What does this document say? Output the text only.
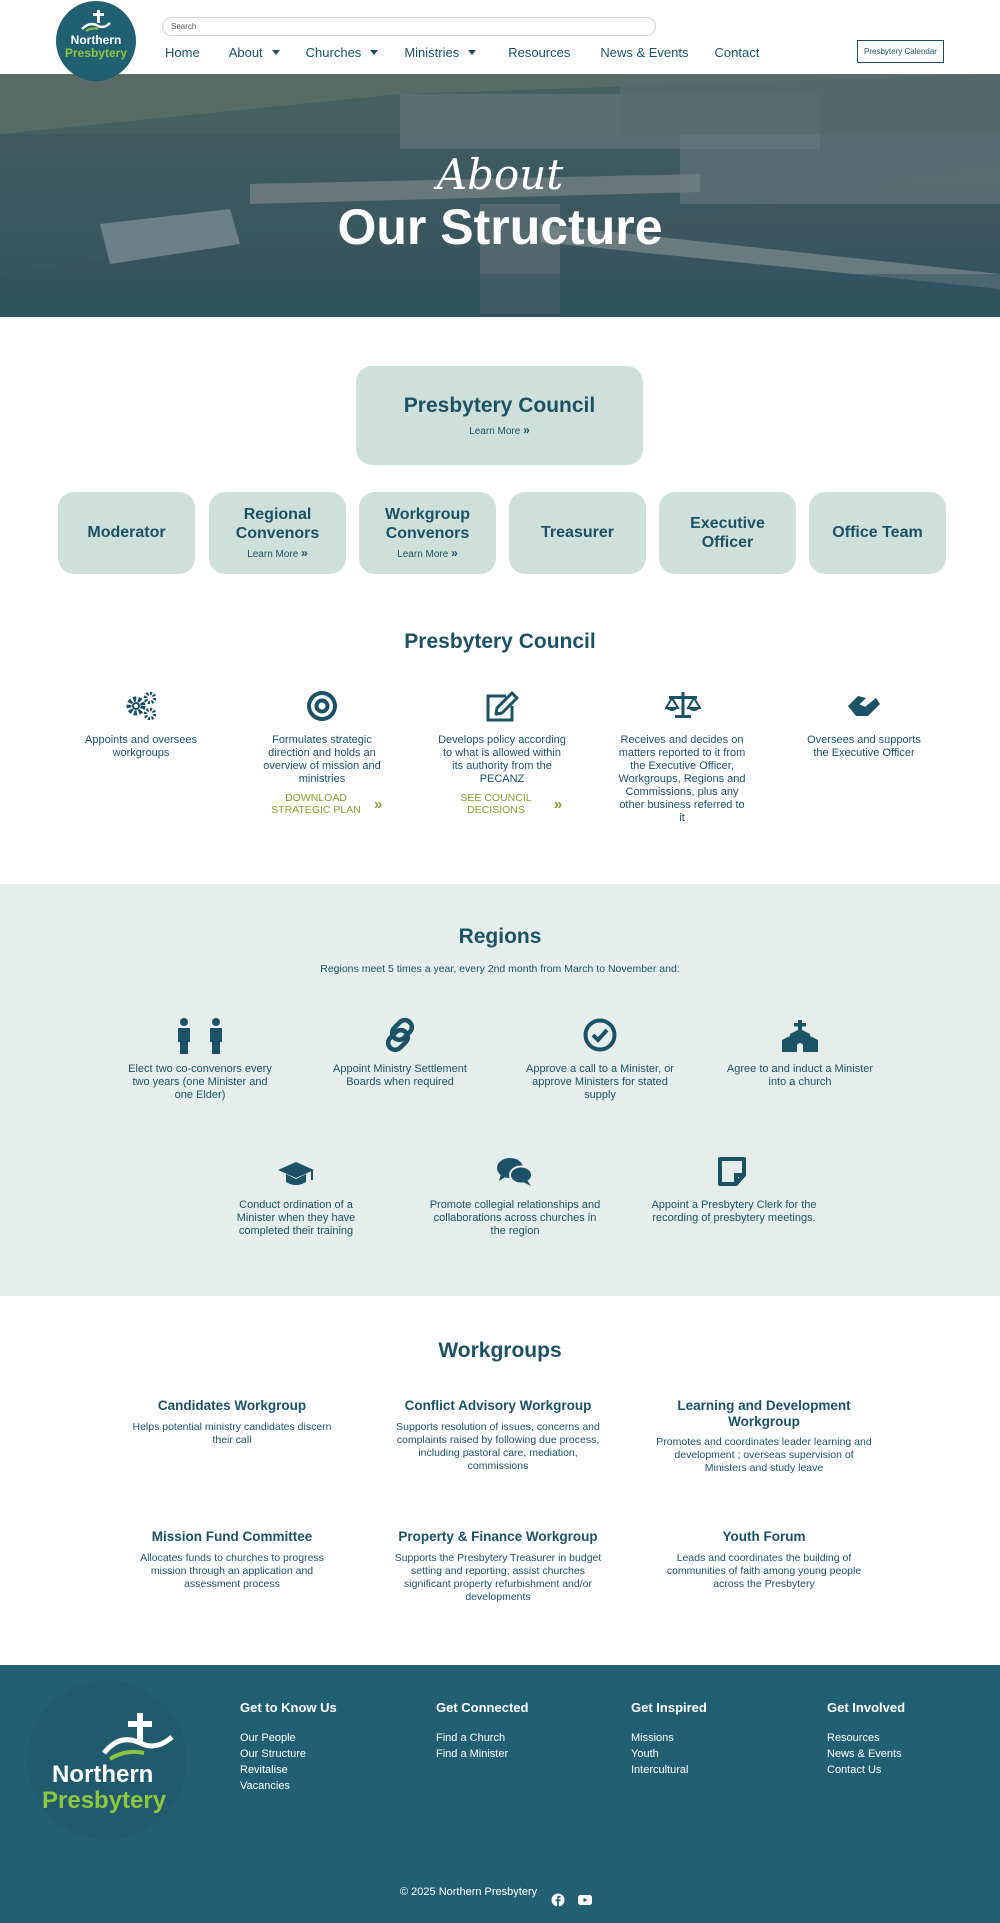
Northern
Presbytery
Search
Home About	Churches	Ministries	Resources News & Events Contact	Presbytery Calendar
About
Our Structure
Presbytery Council
Learn More »
Moderator
Regional Convenors
Learn More »
Workgroup Convenors
Learn More »
Treasurer
Executive Officer
Office Team
Presbytery Council
Appoints and oversees workgroups
Formulates strategic direction and holds an overview of mission and ministries
DOWNLOAD STRATEGIC PLAN »
Develops policy according to what is allowed within its authority from the PECANZ
SEE COUNCIL DECISIONS	»
Receives and decides on matters reported to it from the Executive Officer, Workgroups, Regions and Commissions, plus any other business referred to it
Oversees and supports the Executive Officer
Regions
Regions meet 5 times a year, every 2nd month from March to November and:
Elect two co-convenors every two years (one Minister and one Elder)
Appoint Ministry Settlement Boards when required
Approve a call to a Minister, or approve Ministers for stated supply
Agree to and induct a Minister into a church
Conduct ordination of a Minister when they have completed their training
Promote collegial relationships and collaborations across churches in the region
Appoint a Presbytery Clerk for the recording of presbytery meetings.
Workgroups
Candidates Workgroup
Helps potential ministry candidates discern their call
Conflict Advisory Workgroup
Supports resolution of issues, concerns and complaints raised by following due process, including pastoral care, mediation, commissions
Learning and Development Workgroup
Promotes and coordinates leader learning and development ; overseas supervision of Ministers and study leave
Mission Fund Committee
Allocates funds to churches to progress mission through an application and assessment process
Property & Finance Workgroup
Supports the Presbytery Treasurer in budget setting and reporting; assist churches significant property refurbishment and/or developments
Youth Forum
Leads and coordinates the building of communities of faith among young people across the Presbytery
Northern
Presbytery
Get to Know Us
Our People
Our Structure
Revitalise
Vacancies
Get Connected
Find a Church
Find a Minister
Get Inspired
Missions
Youth
Intercultural
Get Involved
Resources
News & Events
Contact Us
© 2025 Northern Presbytery
